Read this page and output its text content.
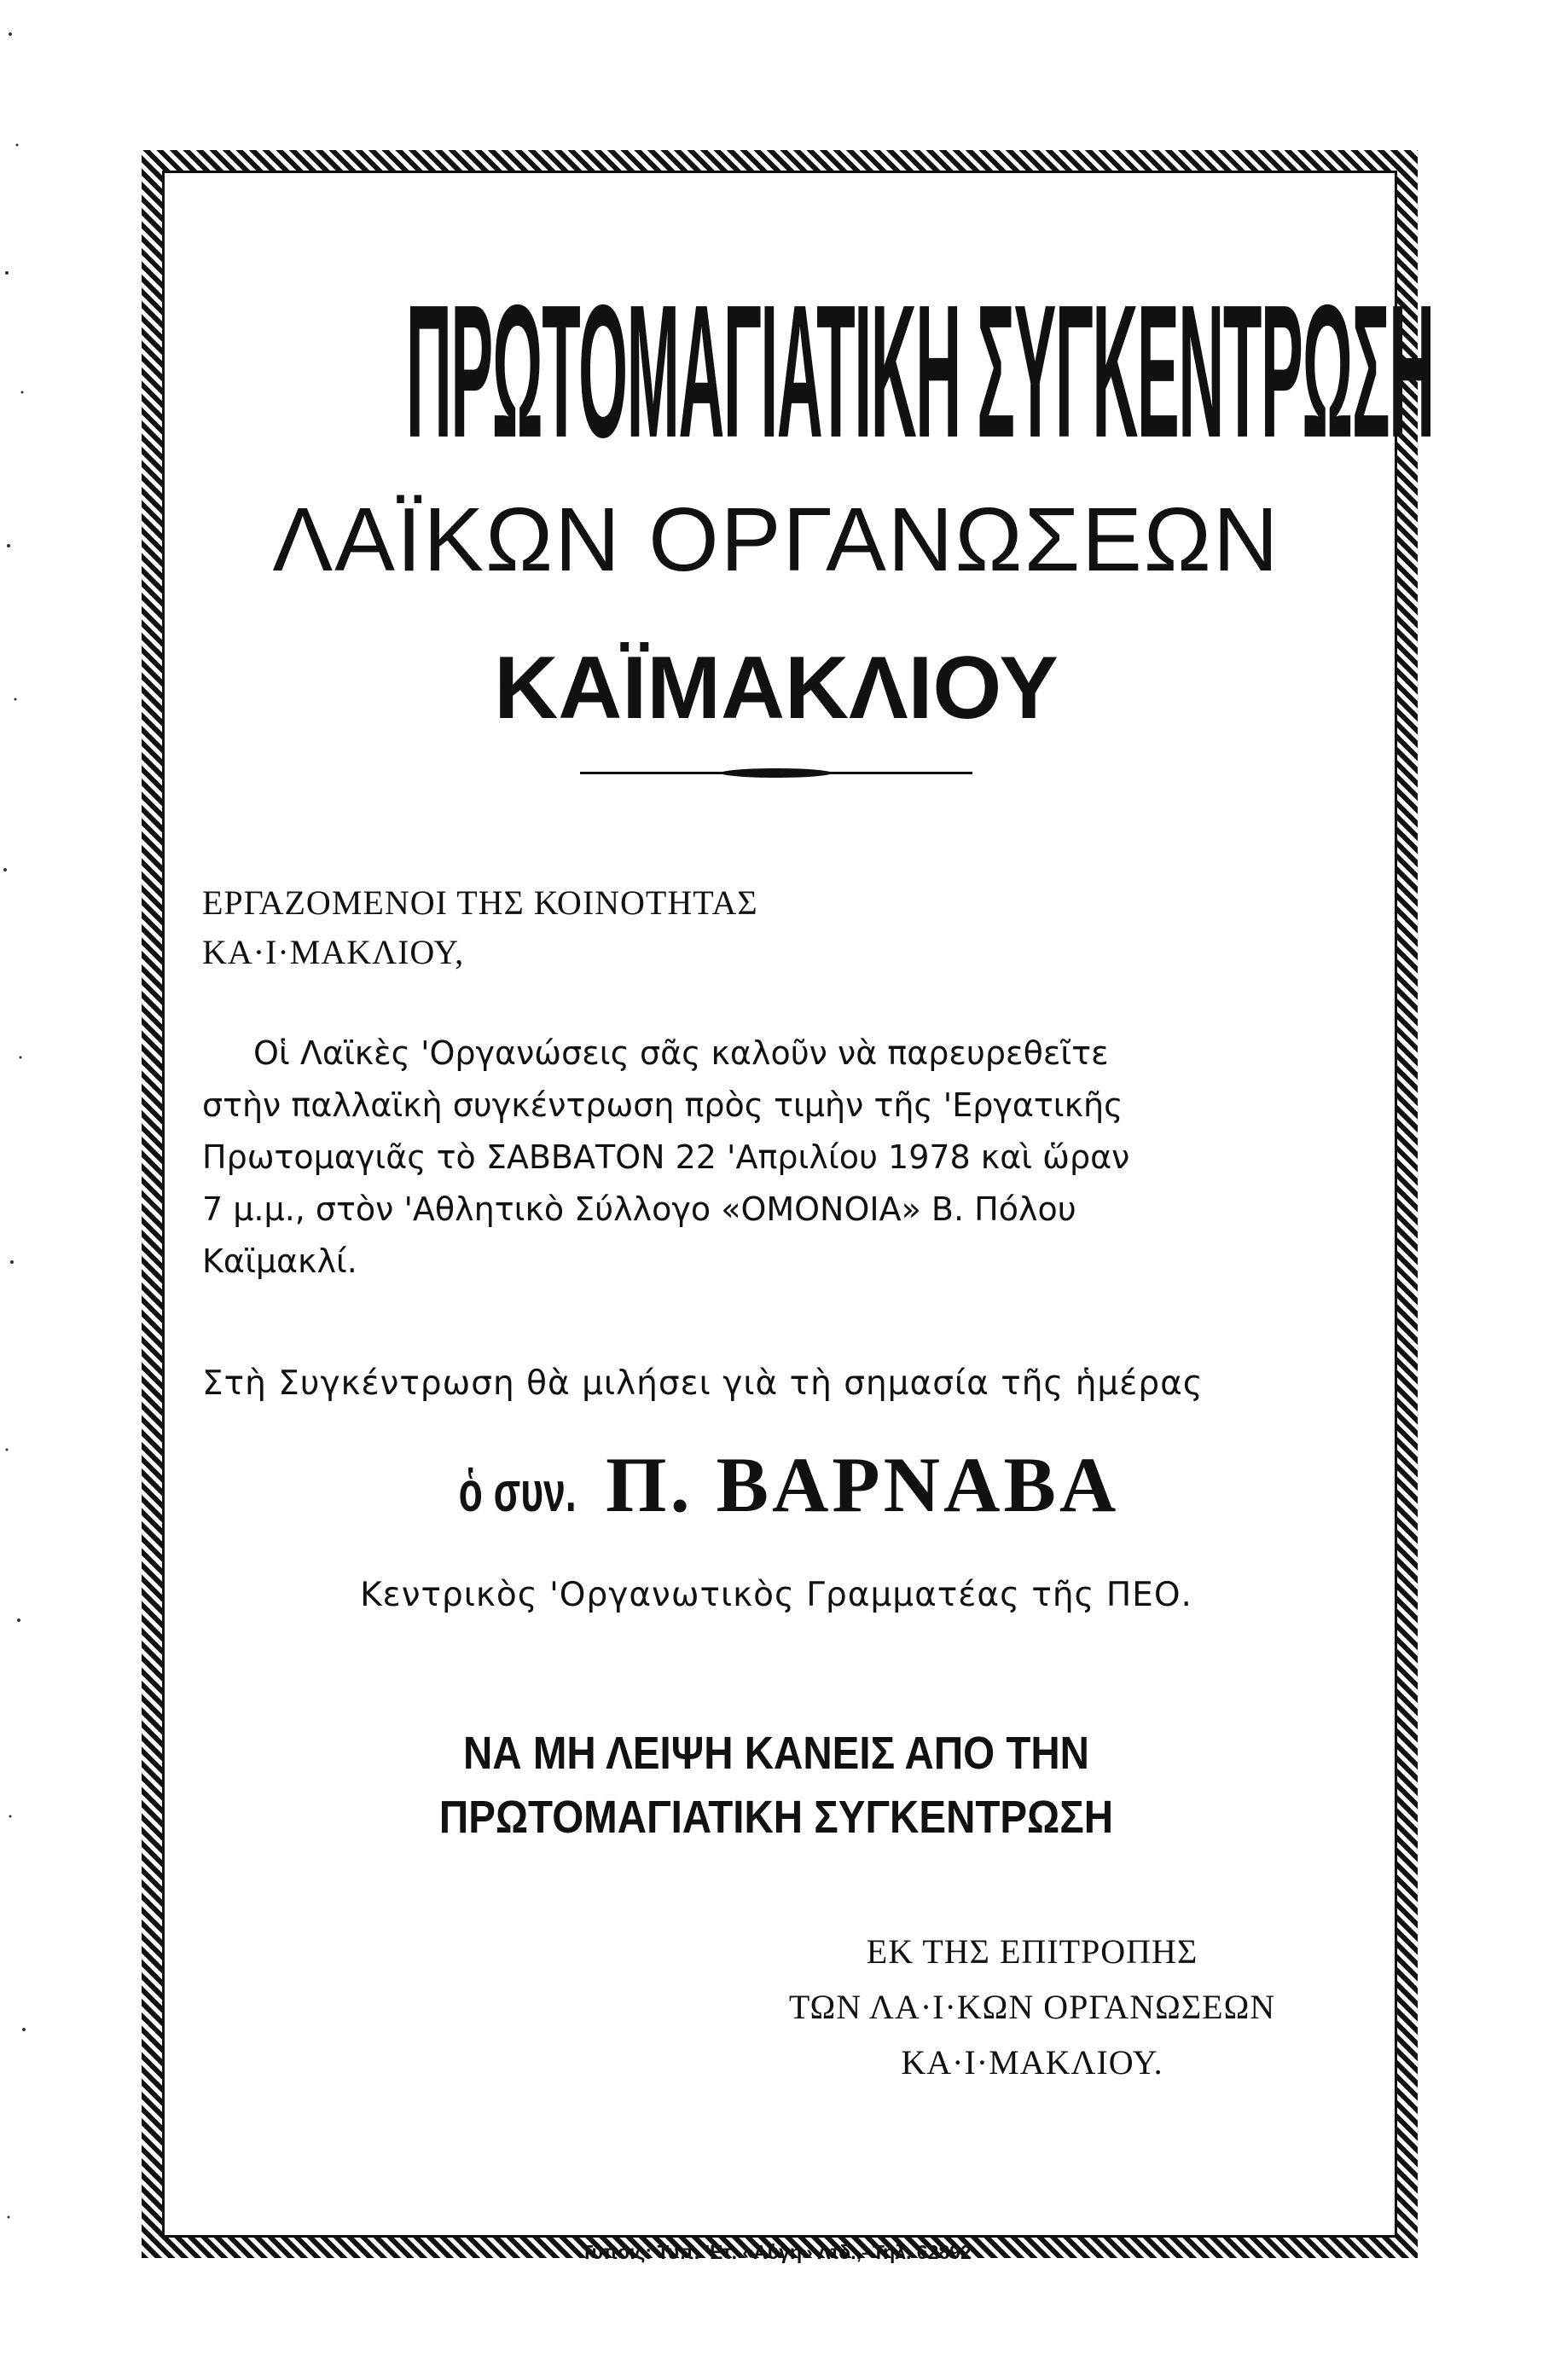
ΠΡΩΤΟΜΑΓΙΑΤΙΚΗ ΣΥΓΚΕΝΤΡΩΣΗ
ΛΑΪΚΩΝ ΟΡΓΑΝΩΣΕΩΝ
ΚΑΪΜΑΚΛΙΟΥ
ΕΡΓΑΖΟΜΕΝΟΙ ΤΗΣ ΚΟΙΝΟΤΗΤΑΣ
ΚΑ·Ι·ΜΑΚΛΙΟΥ,
Οἱ Λαϊκὲς 'Οργανώσεις σᾶς καλοῦν νὰ παρευρεθεῖτε
στὴν παλλαϊκὴ συγκέντρωση πρὸς τιμὴν τῆς 'Εργατικῆς
Πρωτομαγιᾶς τὸ ΣΑΒΒΑΤΟΝ 22 'Απριλίου 1978 καὶ ὥραν
7 μ.μ., στὸν 'Αθλητικὸ Σύλλογο «ΟΜΟΝΟΙΑ» Β. Πόλου
Καϊμακλί.
Στὴ Συγκέντρωση θὰ μιλήσει γιὰ τὴ σημασία τῆς ἡμέρας
ὁ συν. Π. ΒΑΡΝΑΒΑ
Κεντρικὸς 'Οργανωτικὸς Γραμματέας τῆς ΠΕΟ.
ΝΑ ΜΗ ΛΕΙΨΗ ΚΑΝΕΙΣ ΑΠΟ ΤΗΝ
ΠΡΩΤΟΜΑΓΙΑΤΙΚΗ ΣΥΓΚΕΝΤΡΩΣΗ
ΕΚ ΤΗΣ ΕΠΙΤΡΟΠΗΣ
ΤΩΝ ΛΑ·Ι·ΚΩΝ ΟΡΓΑΝΩΣΕΩΝ
ΚΑ·Ι·ΜΑΚΛΙΟΥ.
Τύποις: Τυπ. 'Ετ. «Αὐγή» Λτδ.,–Τηλ. 62892
